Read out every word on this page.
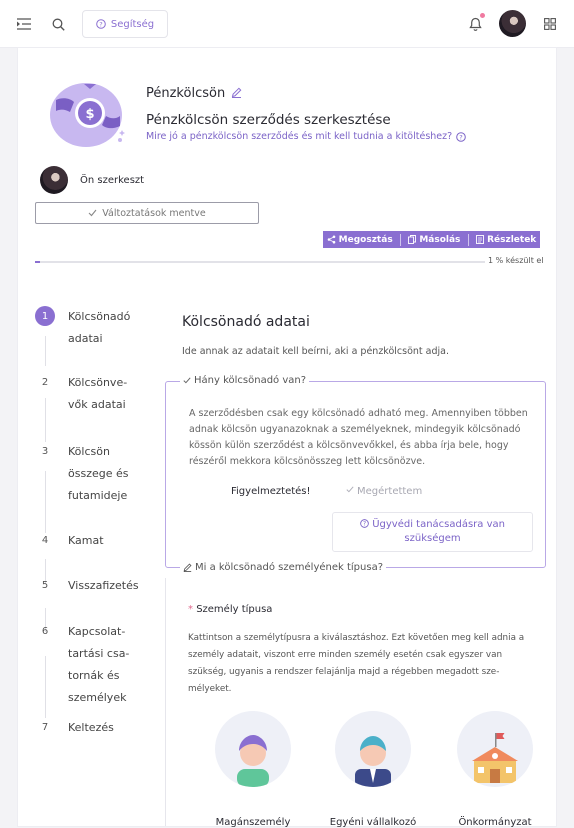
? Segítség
$
Pénzkölcsön
Pénzkölcsön szerződés szerkesztése
Mire jó a pénzkölcsön szerződés és mit kell tudnia a kitöltéshez? ?
Ön szerkeszt
Változtatások mentve
Megosztás	Másolás	Részletek
1 % készült el
1	Kölcsönadó adatai
2	Kölcsönve-vők adatai
3	Kölcsön összege és futamideje
4	Kamat
5	Visszafizetés
6	Kapcsolat-tartási csa-tornák és személyek
7	Keltezés
Kölcsönadó adatai
Ide annak az adatait kell beírni, aki a pénzkölcsönt adja.
Hány kölcsönadó van?
A szerződésben csak egy kölcsönadó adható meg. Amennyiben többen adnak kölcsön ugyanazoknak a személyeknek, mindegyik kölcsönadó kössön külön szerződést a kölcsönvevőkkel, és abba írja bele, hogy részéről mekkora kölcsönösszeg lett kölcsönözve.
Figyelmeztetés!	Megértettem
? Ügyvédi tanácsadásra van szükségem
Mi a kölcsönadó személyének típusa?
* Személy típusa
Kattintson a személytípusra a kiválasztáshoz. Ezt követően meg kell adnia a személy adatait, viszont erre minden személy esetén csak egyszer van szükség, ugyanis a rendszer felajánlja majd a régebben megadott sze-mélyeket.
Magánszemély	Egyéni vállalkozó	Önkormányzat
